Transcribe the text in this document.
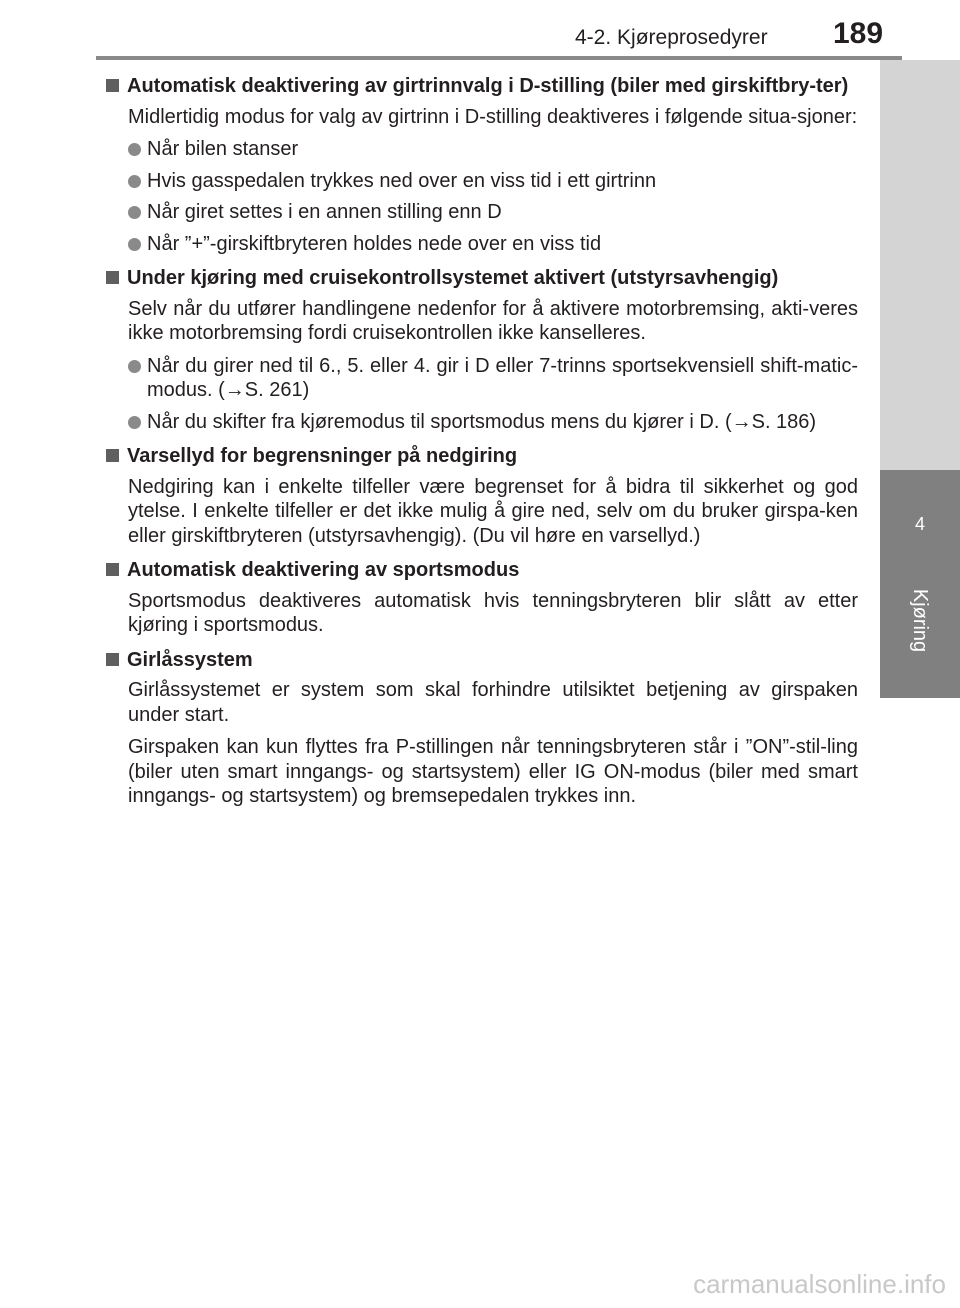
4-2. Kjøreprosedyrer 189
4
Kjøring
Automatisk deaktivering av girtrinnvalg i D-stilling (biler med girskiftbry-ter)
Midlertidig modus for valg av girtrinn i D-stilling deaktiveres i følgende situa-sjoner:
Når bilen stanser
Hvis gasspedalen trykkes ned over en viss tid i ett girtrinn
Når giret settes i en annen stilling enn D
Når ”+”-girskiftbryteren holdes nede over en viss tid
Under kjøring med cruisekontrollsystemet aktivert (utstyrsavhengig)
Selv når du utfører handlingene nedenfor for å aktivere motorbremsing, akti-veres ikke motorbremsing fordi cruisekontrollen ikke kanselleres.
Når du girer ned til 6., 5. eller 4. gir i D eller 7-trinns sportsekvensiell shift-matic-modus. (→S. 261)
Når du skifter fra kjøremodus til sportsmodus mens du kjører i D. (→S. 186)
Varsellyd for begrensninger på nedgiring
Nedgiring kan i enkelte tilfeller være begrenset for å bidra til sikkerhet og god ytelse. I enkelte tilfeller er det ikke mulig å gire ned, selv om du bruker girspa-ken eller girskiftbryteren (utstyrsavhengig). (Du vil høre en varsellyd.)
Automatisk deaktivering av sportsmodus
Sportsmodus deaktiveres automatisk hvis tenningsbryteren blir slått av etter kjøring i sportsmodus.
Girlåssystem
Girlåssystemet er system som skal forhindre utilsiktet betjening av girspaken under start.
Girspaken kan kun flyttes fra P-stillingen når tenningsbryteren står i ”ON”-stil-ling (biler uten smart inngangs- og startsystem) eller IG ON-modus (biler med smart inngangs- og startsystem) og bremsepedalen trykkes inn.
carmanualsonline.info
